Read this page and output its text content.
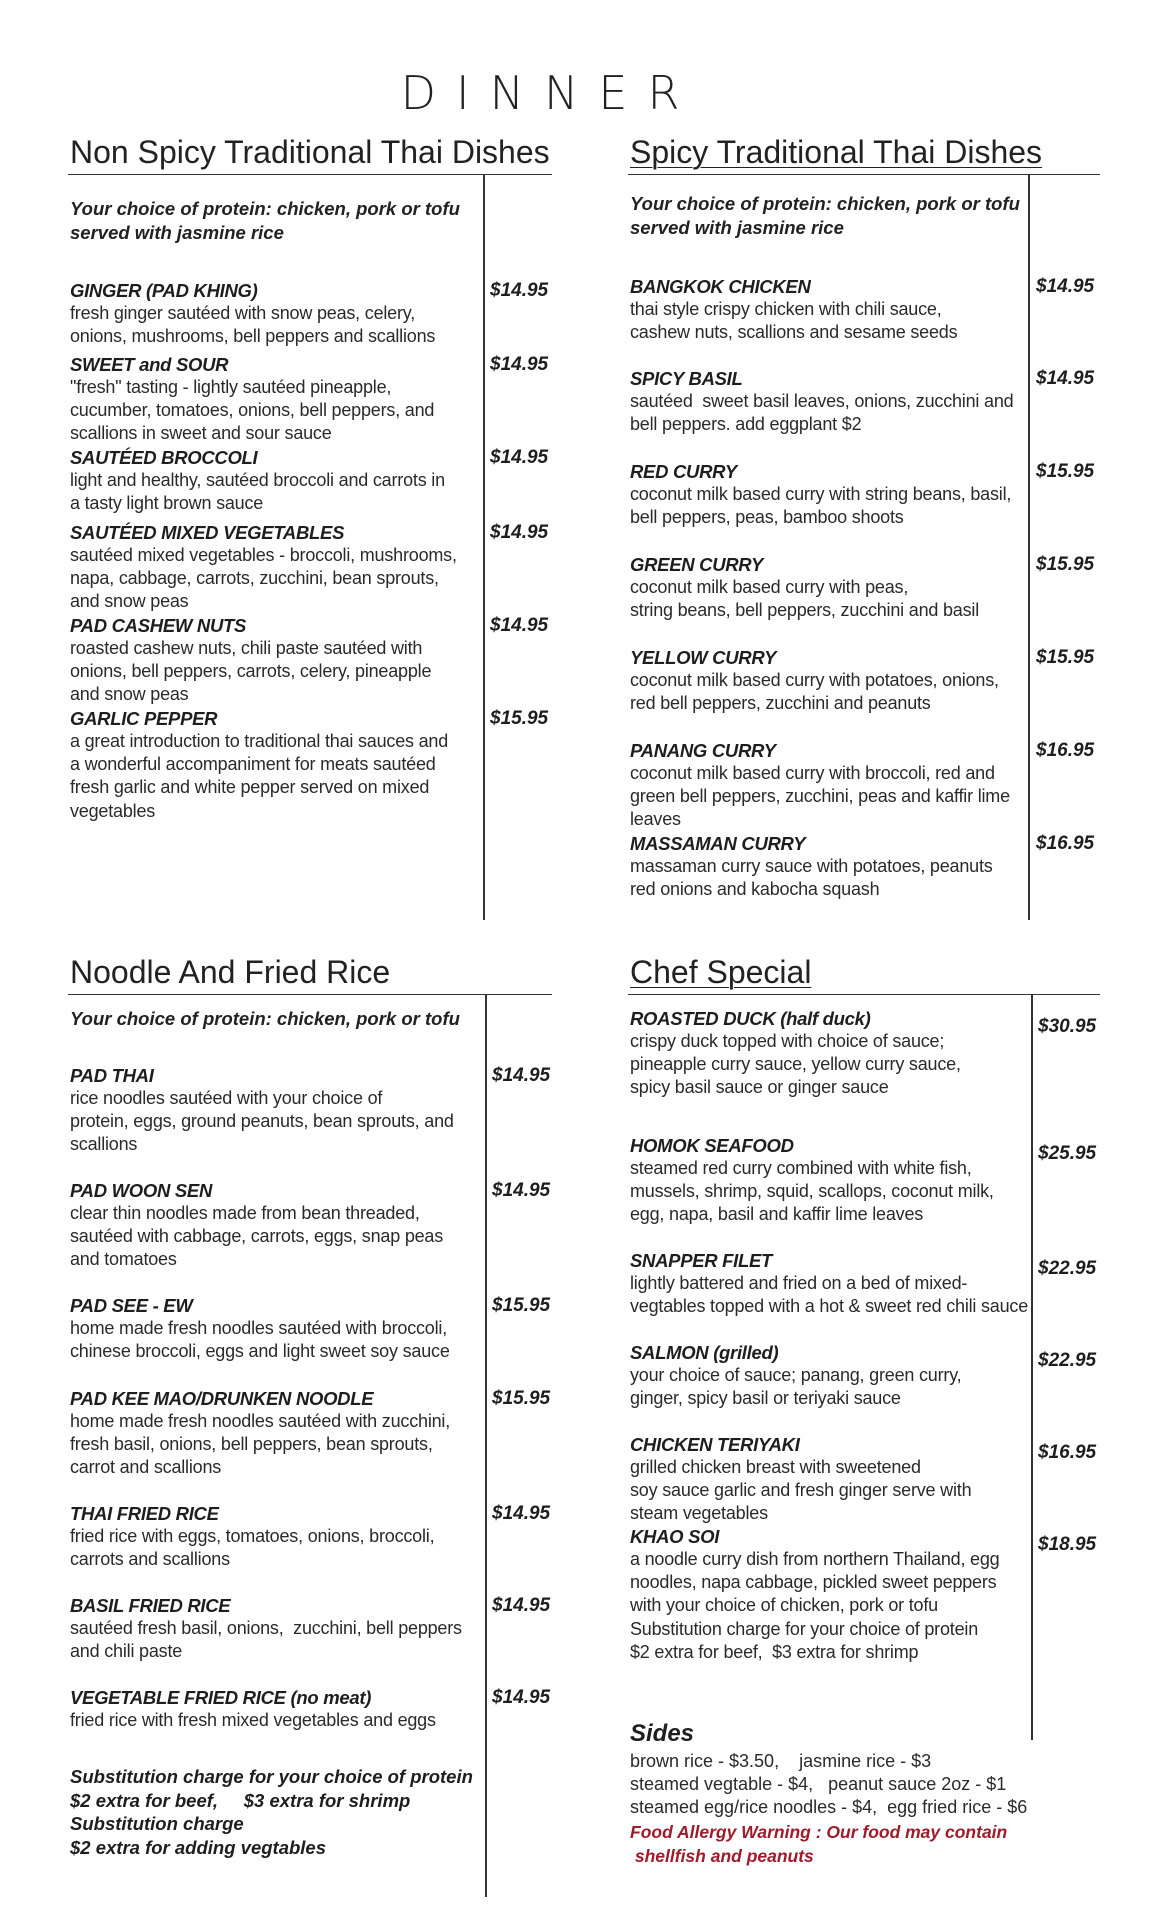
DINNER
Non Spicy Traditional Thai Dishes
Your choice of protein: chicken, pork or tofu
served with jasmine rice
GINGER (PAD KHING)
fresh ginger sautéed with snow peas, celery,
onions, mushrooms, bell peppers and scallions
$14.95
SWEET and SOUR
"fresh" tasting - lightly sautéed pineapple,
cucumber, tomatoes, onions, bell peppers, and
scallions in sweet and sour sauce
$14.95
SAUTÉED BROCCOLI
light and healthy, sautéed broccoli and carrots in
a tasty light brown sauce
$14.95
SAUTÉED MIXED VEGETABLES
sautéed mixed vegetables - broccoli, mushrooms,
napa, cabbage, carrots, zucchini, bean sprouts,
and snow peas
$14.95
PAD CASHEW NUTS
roasted cashew nuts, chili paste sautéed with
onions, bell peppers, carrots, celery, pineapple
and snow peas
$14.95
GARLIC PEPPER
a great introduction to traditional thai sauces and
a wonderful accompaniment for meats sautéed
fresh garlic and white pepper served on mixed
vegetables
$15.95
Spicy Traditional Thai Dishes
Your choice of protein: chicken, pork or tofu
served with jasmine rice
BANGKOK CHICKEN
thai style crispy chicken with chili sauce,
cashew nuts, scallions and sesame seeds
$14.95
SPICY BASIL
sautéed  sweet basil leaves, onions, zucchini and
bell peppers. add eggplant $2
$14.95
RED CURRY
coconut milk based curry with string beans, basil,
bell peppers, peas, bamboo shoots
$15.95
GREEN CURRY
coconut milk based curry with peas,
string beans, bell peppers, zucchini and basil
$15.95
YELLOW CURRY
coconut milk based curry with potatoes, onions,
red bell peppers, zucchini and peanuts
$15.95
PANANG CURRY
coconut milk based curry with broccoli, red and
green bell peppers, zucchini, peas and kaffir lime
leaves
$16.95
MASSAMAN CURRY
massaman curry sauce with potatoes, peanuts
red onions and kabocha squash
$16.95
Noodle And Fried Rice
Your choice of protein: chicken, pork or tofu
PAD THAI
rice noodles sautéed with your choice of
protein, eggs, ground peanuts, bean sprouts, and
scallions
$14.95
PAD WOON SEN
clear thin noodles made from bean threaded,
sautéed with cabbage, carrots, eggs, snap peas
and tomatoes
$14.95
PAD SEE - EW
home made fresh noodles sautéed with broccoli,
chinese broccoli, eggs and light sweet soy sauce
$15.95
PAD KEE MAO/DRUNKEN NOODLE
home made fresh noodles sautéed with zucchini,
fresh basil, onions, bell peppers, bean sprouts,
carrot and scallions
$15.95
THAI FRIED RICE
fried rice with eggs, tomatoes, onions, broccoli,
carrots and scallions
$14.95
BASIL FRIED RICE
sautéed fresh basil, onions,  zucchini, bell peppers
and chili paste
$14.95
VEGETABLE FRIED RICE (no meat)
fried rice with fresh mixed vegetables and eggs
$14.95
Substitution charge for your choice of protein
$2 extra for beef,     $3 extra for shrimp
Substitution charge
$2 extra for adding vegtables
Chef Special
ROASTED DUCK (half duck)
crispy duck topped with choice of sauce;
pineapple curry sauce, yellow curry sauce,
spicy basil sauce or ginger sauce
$30.95
HOMOK SEAFOOD
steamed red curry combined with white fish,
mussels, shrimp, squid, scallops, coconut milk,
egg, napa, basil and kaffir lime leaves
$25.95
SNAPPER FILET
lightly battered and fried on a bed of mixed-
vegtables topped with a hot & sweet red chili sauce
$22.95
SALMON (grilled)
your choice of sauce; panang, green curry,
ginger, spicy basil or teriyaki sauce
$22.95
CHICKEN TERIYAKI
grilled chicken breast with sweetened
soy sauce garlic and fresh ginger serve with
steam vegetables
$16.95
KHAO SOI
a noodle curry dish from northern Thailand, egg
noodles, napa cabbage, pickled sweet peppers
with your choice of chicken, pork or tofu
Substitution charge for your choice of protein
$2 extra for beef,  $3 extra for shrimp
$18.95
Sides
brown rice - $3.50,    jasmine rice - $3
steamed vegtable - $4,   peanut sauce 2oz - $1
steamed egg/rice noodles - $4,  egg fried rice - $6
Food Allergy Warning : Our food may contain
shellfish and peanuts
